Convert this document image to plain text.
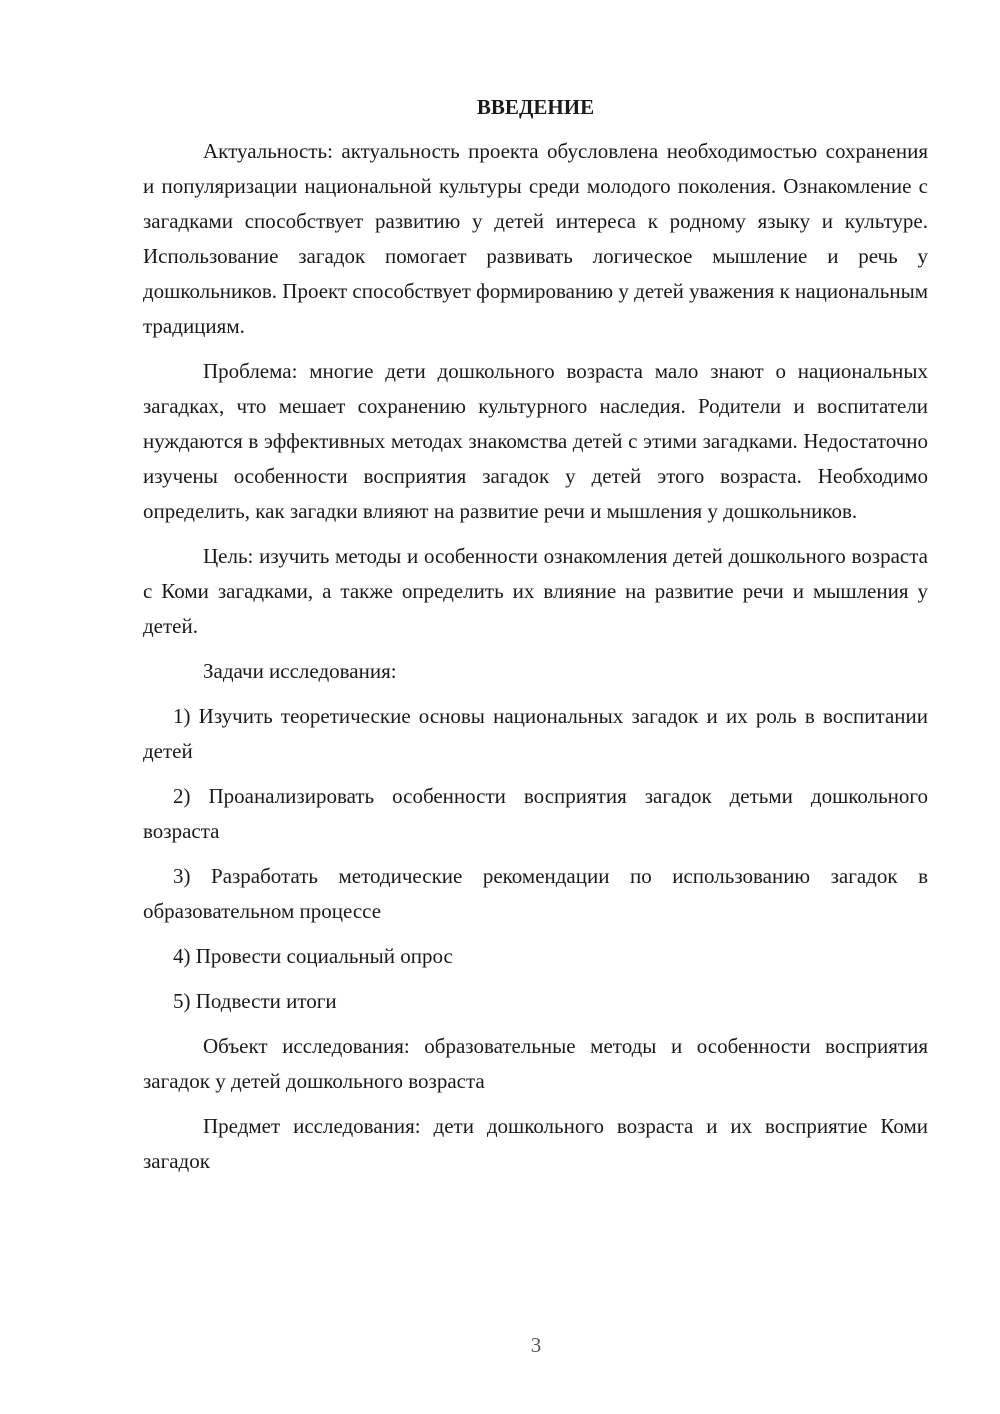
ВВЕДЕНИЕ

Актуальность: актуальность проекта обусловлена необходимостью сохранения и популяризации национальной культуры среди молодого поколения. Ознакомление с загадками способствует развитию у детей интереса к родному языку и культуре. Использование загадок помогает развивать логическое мышление и речь у дошкольников. Проект способствует формированию у детей уважения к национальным традициям.

Проблема: многие дети дошкольного возраста мало знают о национальных загадках, что мешает сохранению культурного наследия. Родители и воспитатели нуждаются в эффективных методах знакомства детей с этими загадками. Недостаточно изучены особенности восприятия загадок у детей этого возраста. Необходимо определить, как загадки влияют на развитие речи и мышления у дошкольников.

Цель: изучить методы и особенности ознакомления детей дошкольного возраста с Коми загадками, а также определить их влияние на развитие речи и мышления у детей.

Задачи исследования:

1) Изучить теоретические основы национальных загадок и их роль в воспитании детей

2) Проанализировать особенности восприятия загадок детьми дошкольного возраста

3) Разработать методические рекомендации по использованию загадок в образовательном процессе

4) Провести социальный опрос

5) Подвести итоги

Объект исследования: образовательные методы и особенности восприятия загадок у детей дошкольного возраста

Предмет исследования: дети дошкольного возраста и их восприятие Коми загадок

3
